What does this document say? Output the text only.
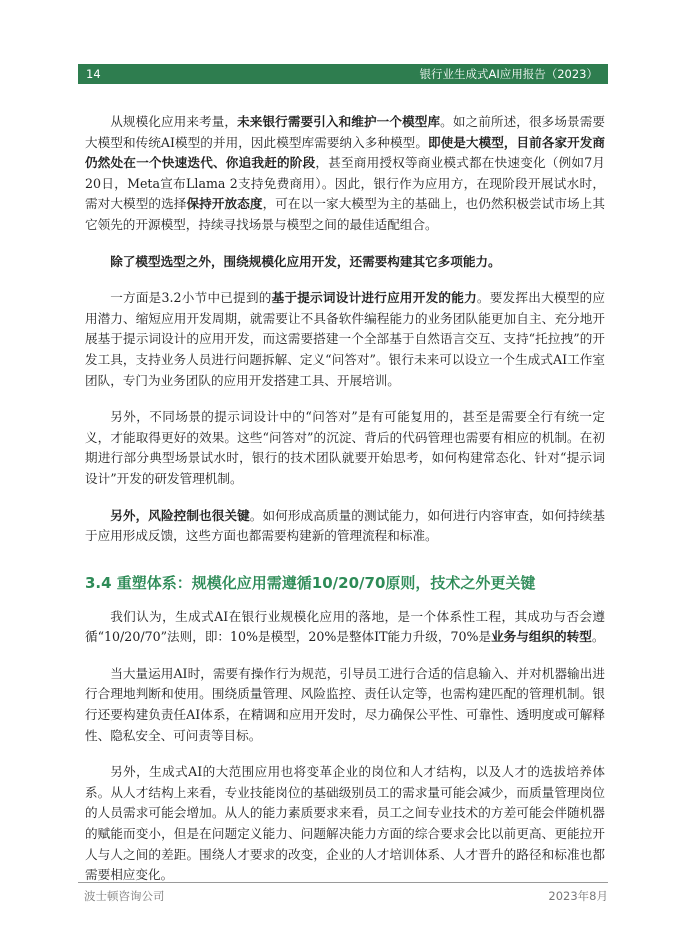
14	银行业生成式AI应用报告（2023）

从规模化应用来考量，未来银行需要引入和维护一个模型库。如之前所述，很多场景需要大模型和传统AI模型的并用，因此模型库需要纳入多种模型。即使是大模型，目前各家开发商仍然处在一个快速迭代、你追我赶的阶段，甚至商用授权等商业模式都在快速变化（例如7月20日，Meta宣布Llama 2支持免费商用）。因此，银行作为应用方，在现阶段开展试水时，需对大模型的选择保持开放态度，可在以一家大模型为主的基础上，也仍然积极尝试市场上其它领先的开源模型，持续寻找场景与模型之间的最佳适配组合。

除了模型选型之外，围绕规模化应用开发，还需要构建其它多项能力。

一方面是3.2小节中已提到的基于提示词设计进行应用开发的能力。要发挥出大模型的应用潜力、缩短应用开发周期，就需要让不具备软件编程能力的业务团队能更加自主、充分地开展基于提示词设计的应用开发，而这需要搭建一个全部基于自然语言交互、支持“托拉拽”的开发工具，支持业务人员进行问题拆解、定义“问答对”。银行未来可以设立一个生成式AI工作室团队，专门为业务团队的应用开发搭建工具、开展培训。

另外，不同场景的提示词设计中的“问答对”是有可能复用的，甚至是需要全行有统一定义，才能取得更好的效果。这些“问答对”的沉淀、背后的代码管理也需要有相应的机制。在初期进行部分典型场景试水时，银行的技术团队就要开始思考，如何构建常态化、针对“提示词设计”开发的研发管理机制。

另外，风险控制也很关键。如何形成高质量的测试能力，如何进行内容审查，如何持续基于应用形成反馈，这些方面也都需要构建新的管理流程和标准。

3.4 重塑体系：规模化应用需遵循10/20/70原则，技术之外更关键

我们认为，生成式AI在银行业规模化应用的落地，是一个体系性工程，其成功与否会遵循“10/20/70”法则，即：10%是模型，20%是整体IT能力升级，70%是业务与组织的转型。

当大量运用AI时，需要有操作行为规范，引导员工进行合适的信息输入、并对机器输出进行合理地判断和使用。围绕质量管理、风险监控、责任认定等，也需构建匹配的管理机制。银行还要构建负责任AI体系，在精调和应用开发时，尽力确保公平性、可靠性、透明度或可解释性、隐私安全、可问责等目标。

另外，生成式AI的大范围应用也将变革企业的岗位和人才结构，以及人才的选拔培养体系。从人才结构上来看，专业技能岗位的基础级别员工的需求量可能会减少，而质量管理岗位的人员需求可能会增加。从人的能力素质要求来看，员工之间专业技术的方差可能会伴随机器的赋能而变小，但是在问题定义能力、问题解决能力方面的综合要求会比以前更高、更能拉开人与人之间的差距。围绕人才要求的改变，企业的人才培训体系、人才晋升的路径和标准也都需要相应变化。

波士顿咨询公司	2023年8月
